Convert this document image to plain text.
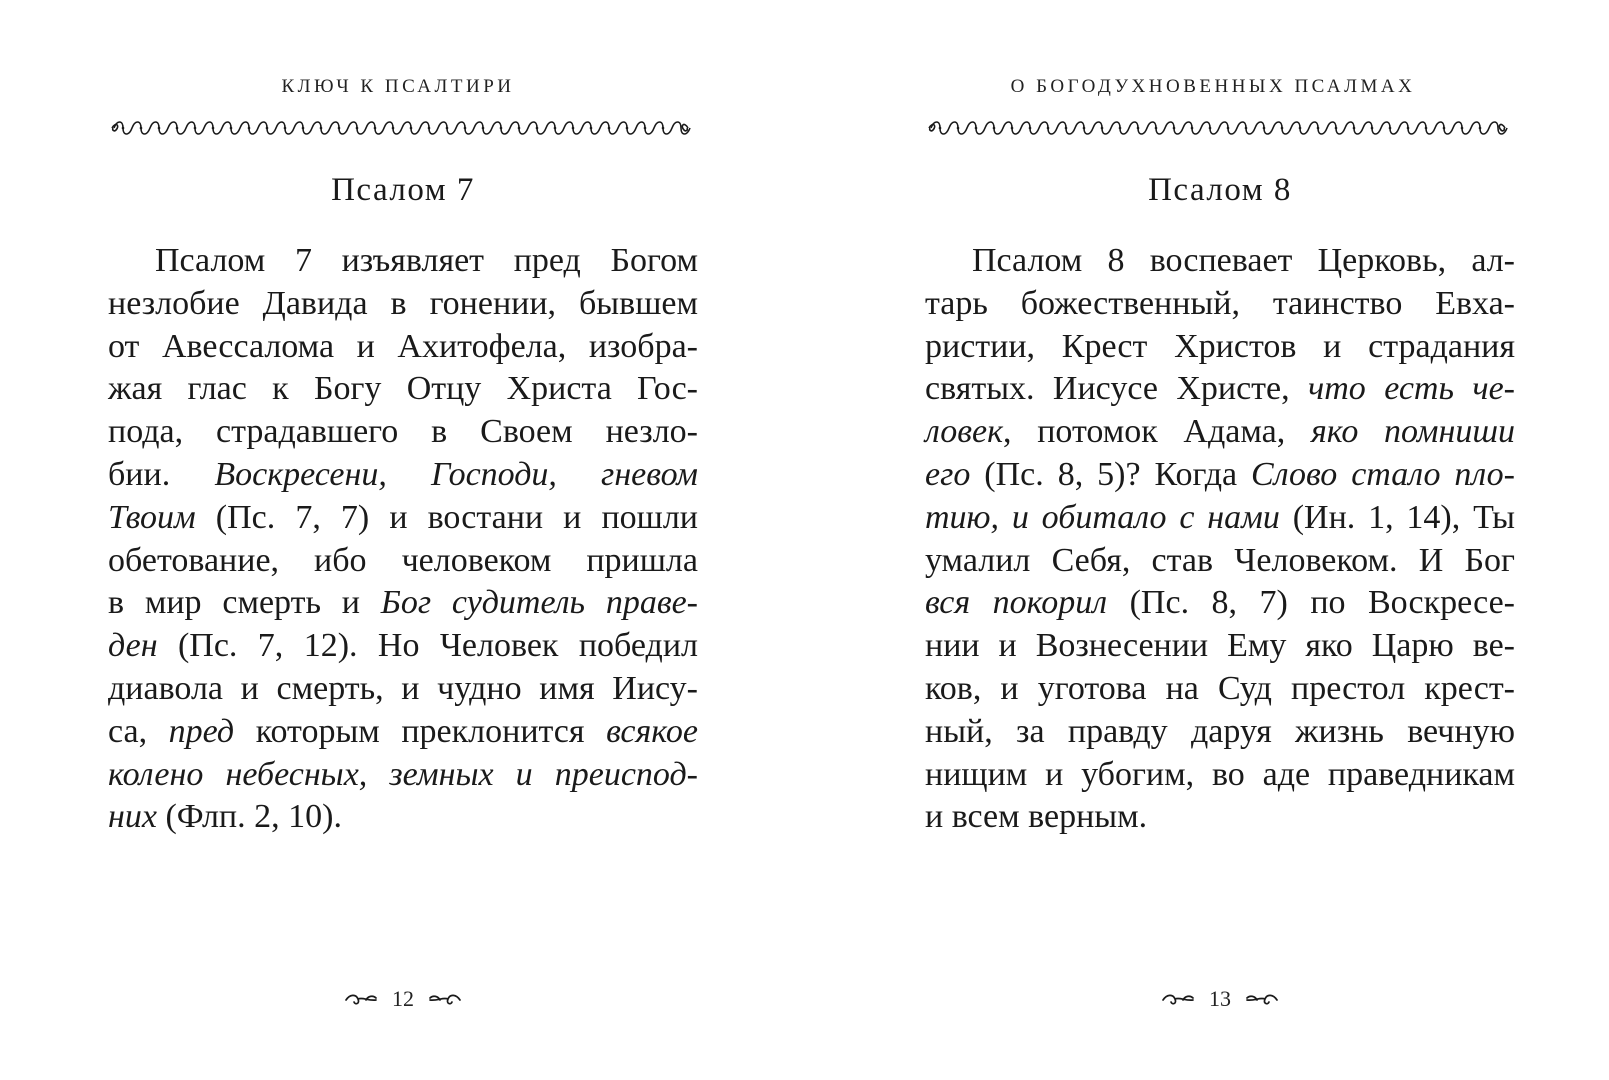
КЛЮЧ К ПСАЛТИРИ
Псалом 7
Псалом 7 изъявляет пред Богом
незлобие Давида в гонении, бывшем
от Авессалома и Ахитофела, изобра-
жая глас к Богу Отцу Христа Гос-
пода, страдавшего в Своем незло-
бии. Воскресени, Господи, гневом
Твоим (Пс. 7, 7) и востани и пошли
обетование, ибо человеком пришла
в мир смерть и Бог судитель праве-
ден (Пс. 7, 12). Но Человек победил
диавола и смерть, и чудно имя Иису-
са, пред которым преклонится всякое
колено небесных, земных и преиспод-
них (Флп. 2, 10).
12
О БОГОДУХНОВЕННЫХ ПСАЛМАХ
Псалом 8
Псалом 8 воспевает Церковь, ал-
тарь божественный, таинство Евха-
ристии, Крест Христов и страдания
святых. Иисусе Христе, что есть че-
ловек, потомок Адама, яко помниши
его (Пс. 8, 5)? Когда Слово стало пло-
тию, и обитало с нами (Ин. 1, 14), Ты
умалил Себя, став Человеком. И Бог
вся покорил (Пс. 8, 7) по Воскресе-
нии и Вознесении Ему яко Царю ве-
ков, и уготова на Суд престол крест-
ный, за правду даруя жизнь вечную
нищим и убогим, во аде праведникам
и всем верным.
13
